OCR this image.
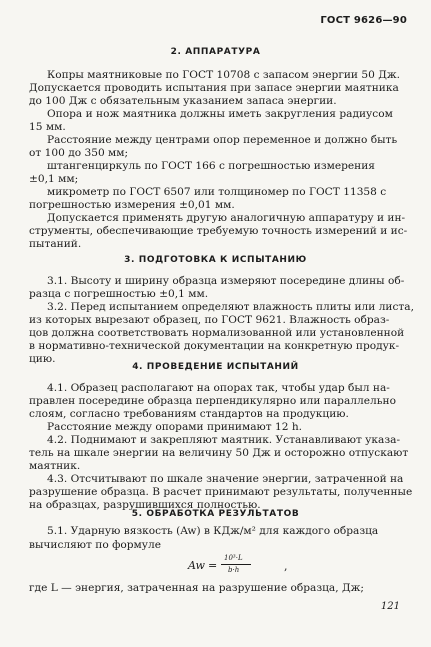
ГОСТ 9626—90
2. АППАРАТУРА
Копры маятниковые по ГОСТ 10708 с запасом энергии 50 Дж.
Допускается проводить испытания при запасе энергии маятника
до 100 Дж с обязательным указанием запаса энергии.
Опора и нож маятника должны иметь закругления радиусом
15 мм.
Расстояние между центрами опор переменное и должно быть
от 100 до 350 мм;
штангенциркуль по ГОСТ 166 с погрешностью измерения
±0,1 мм;
микрометр по ГОСТ 6507 или толщиномер по ГОСТ 11358 с
погрешностью измерения ±0,01 мм.
Допускается применять другую аналогичную аппаратуру и ин-
струменты, обеспечивающие требуемую точность измерений и ис-
пытаний.
3. ПОДГОТОВКА К ИСПЫТАНИЮ
3.1. Высоту и ширину образца измеряют посередине длины об-
разца с погрешностью ±0,1 мм.
3.2. Перед испытанием определяют влажность плиты или листа,
из которых вырезают образец, по ГОСТ 9621. Влажность образ-
цов должна соответствовать нормализованной или установленной
в нормативно-технической документации на конкретную продук-
цию.
4. ПРОВЕДЕНИЕ ИСПЫТАНИЙ
4.1. Образец располагают на опорах так, чтобы удар был на-
правлен посередине образца перпендикулярно или параллельно
слоям, согласно требованиям стандартов на продукцию.
Расстояние между опорами принимают 12 h.
4.2. Поднимают и закрепляют маятник. Устанавливают указа-
тель на шкале энергии на величину 50 Дж и осторожно отпускают
маятник.
4.3. Отсчитывают по шкале значение энергии, затраченной на
разрушение образца. В расчет принимают результаты, полученные
на образцах, разрушившихся полностью.
5. ОБРАБОТКА РЕЗУЛЬТАТОВ
5.1. Ударную вязкость (Aw) в КДж/м² для каждого образца
вычисляют по формуле
Aw =
10³·L
b·h	,
где L — энергия, затраченная на разрушение образца, Дж;
121
